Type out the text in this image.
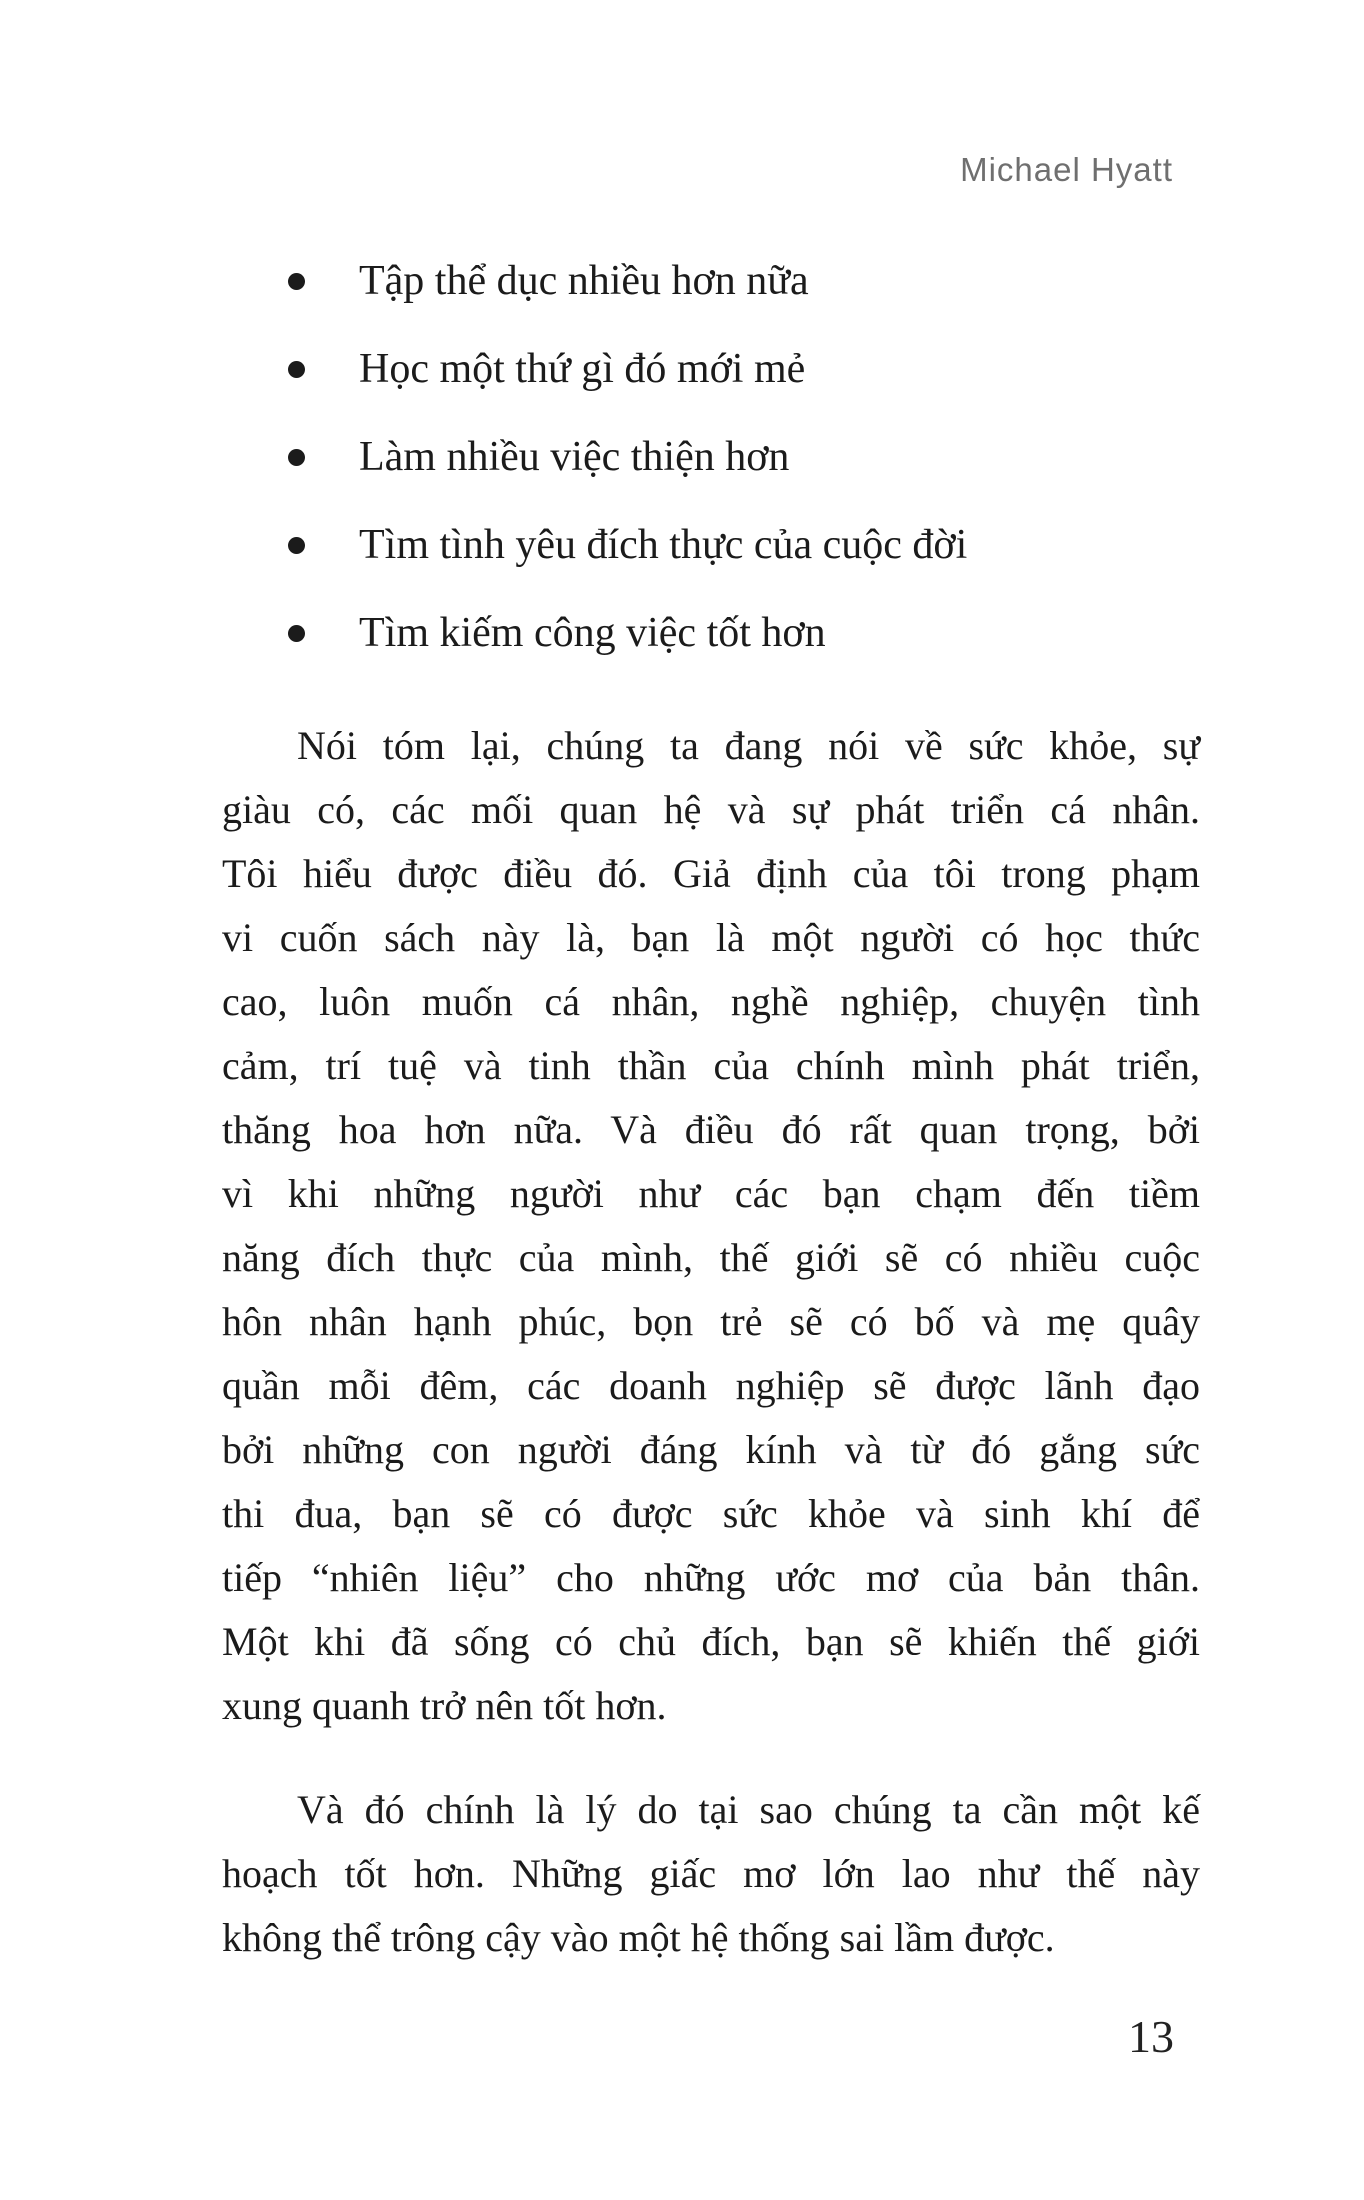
Michael Hyatt
Tập thể dục nhiều hơn nữa
Học một thứ gì đó mới mẻ
Làm nhiều việc thiện hơn
Tìm tình yêu đích thực của cuộc đời
Tìm kiếm công việc tốt hơn
Nói tóm lại, chúng ta đang nói về sức khỏe, sự
giàu có, các mối quan hệ và sự phát triển cá nhân.
Tôi hiểu được điều đó. Giả định của tôi trong phạm
vi cuốn sách này là, bạn là một người có học thức
cao, luôn muốn cá nhân, nghề nghiệp, chuyện tình
cảm, trí tuệ và tinh thần của chính mình phát triển,
thăng hoa hơn nữa. Và điều đó rất quan trọng, bởi
vì khi những người như các bạn chạm đến tiềm
năng đích thực của mình, thế giới sẽ có nhiều cuộc
hôn nhân hạnh phúc, bọn trẻ sẽ có bố và mẹ quây
quần mỗi đêm, các doanh nghiệp sẽ được lãnh đạo
bởi những con người đáng kính và từ đó gắng sức
thi đua, bạn sẽ có được sức khỏe và sinh khí để
tiếp “nhiên liệu” cho những ước mơ của bản thân.
Một khi đã sống có chủ đích, bạn sẽ khiến thế giới
xung quanh trở nên tốt hơn.
Và đó chính là lý do tại sao chúng ta cần một kế
hoạch tốt hơn. Những giấc mơ lớn lao như thế này
không thể trông cậy vào một hệ thống sai lầm được.
13
